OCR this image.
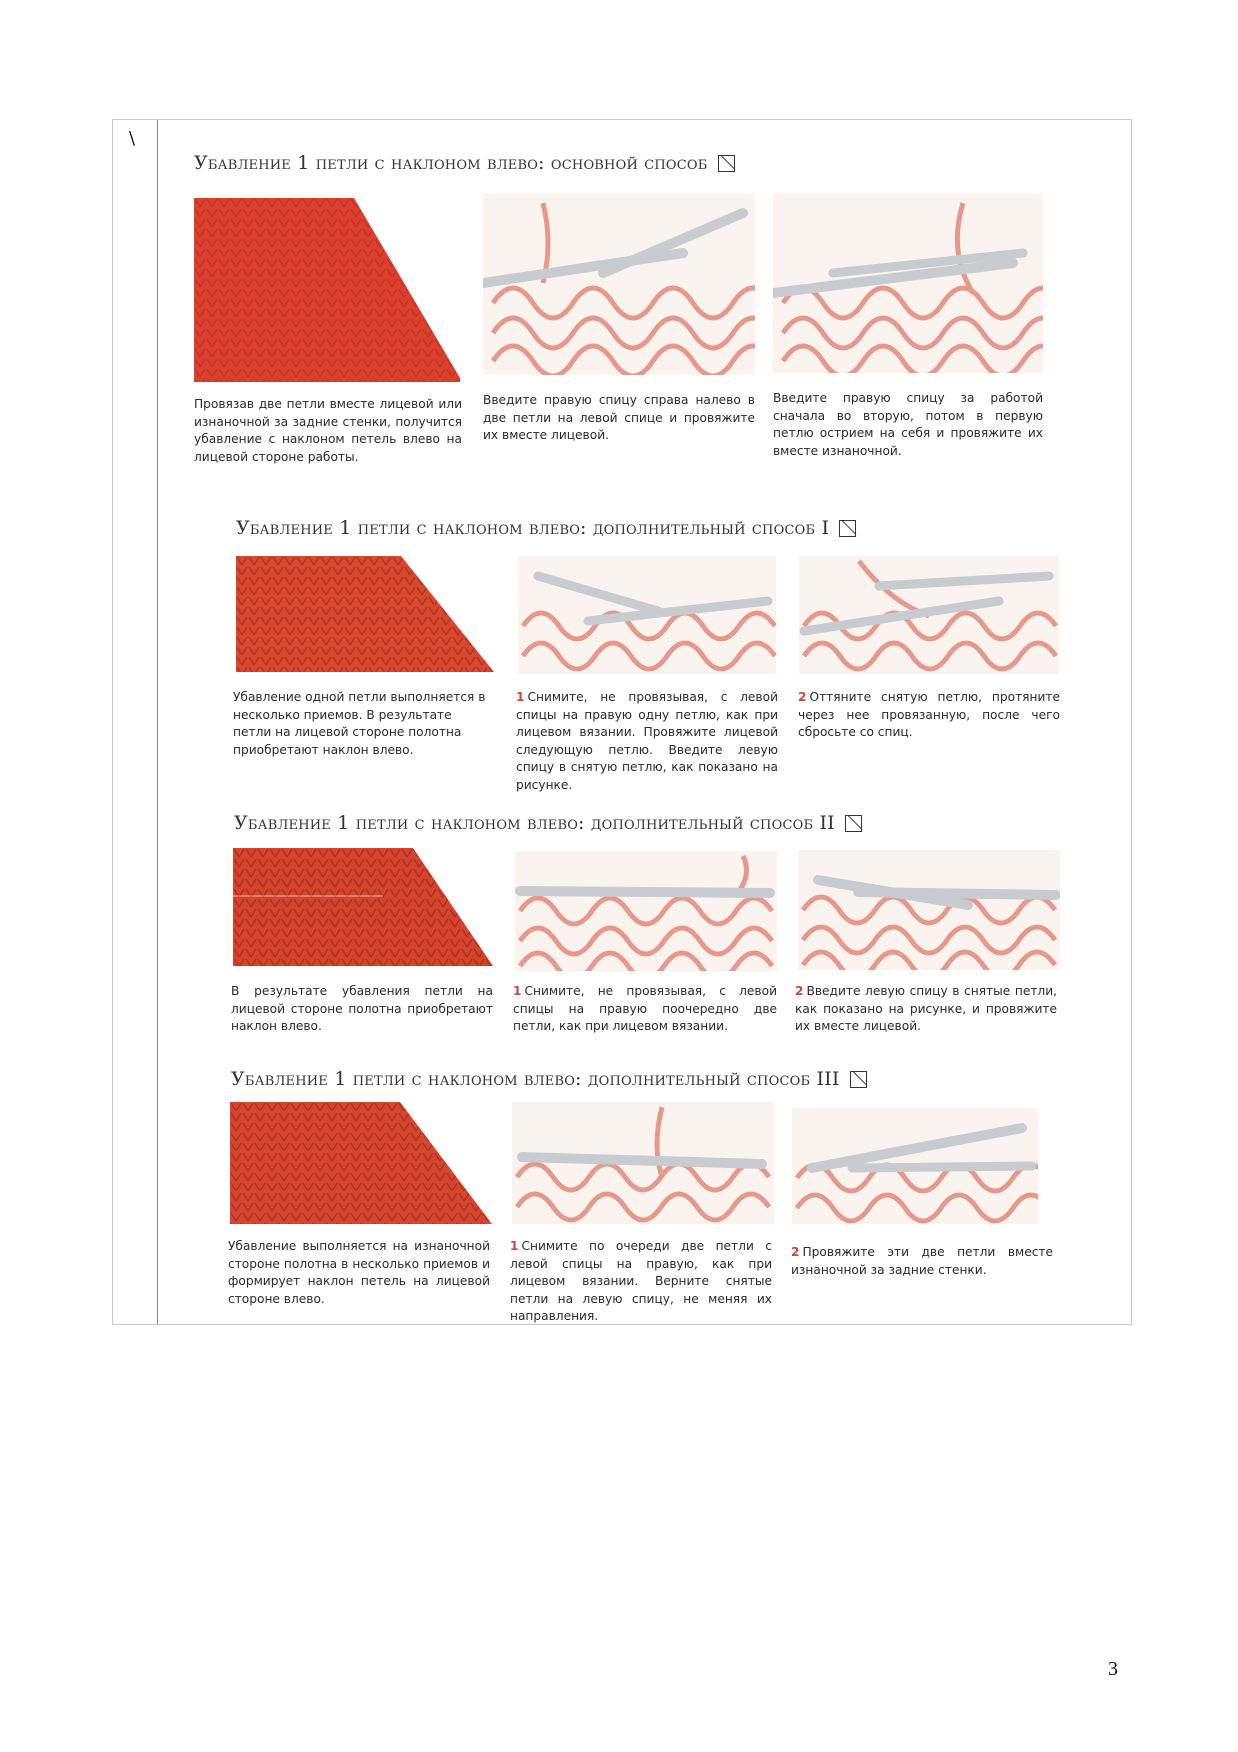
\
Убавление 1 петли с наклоном влево: основной способ
Провязав две петли вместе лицевой или изнаночной за задние стенки, получится убавление с наклоном петель влево на лицевой стороне работы.
Введите правую спицу справа налево в две петли на левой спице и провяжите их вместе лицевой.
Введите правую спицу за работой сначала во вторую, потом в первую петлю острием на себя и провяжите их вместе изнаночной.
Убавление 1 петли с наклоном влево: дополнительный способ I
Убавление одной петли выполняется в несколько приемов. В результате петли на лицевой стороне полотна приобретают наклон влево.
1 Снимите, не провязывая, с левой спицы на правую одну петлю, как при лицевом вязании. Провяжите лицевой следующую петлю. Введите левую спицу в снятую петлю, как показано на рисунке.
2 Оттяните снятую петлю, протяните через нее провязанную, после чего сбросьте со спиц.
Убавление 1 петли с наклоном влево: дополнительный способ II
В результате убавления петли на лицевой стороне полотна приобретают наклон влево.
1 Снимите, не провязывая, с левой спицы на правую поочередно две петли, как при лицевом вязании.
2 Введите левую спицу в снятые петли, как показано на рисунке, и провяжите их вместе лицевой.
Убавление 1 петли с наклоном влево: дополнительный способ III
Убавление выполняется на изнаночной стороне полотна в несколько приемов и формирует наклон петель на лицевой стороне влево.
1 Снимите по очереди две петли с левой спицы на правую, как при лицевом вязании. Верните снятые петли на левую спицу, не меняя их направления.
2 Провяжите эти две петли вместе изнаночной за задние стенки.
3
